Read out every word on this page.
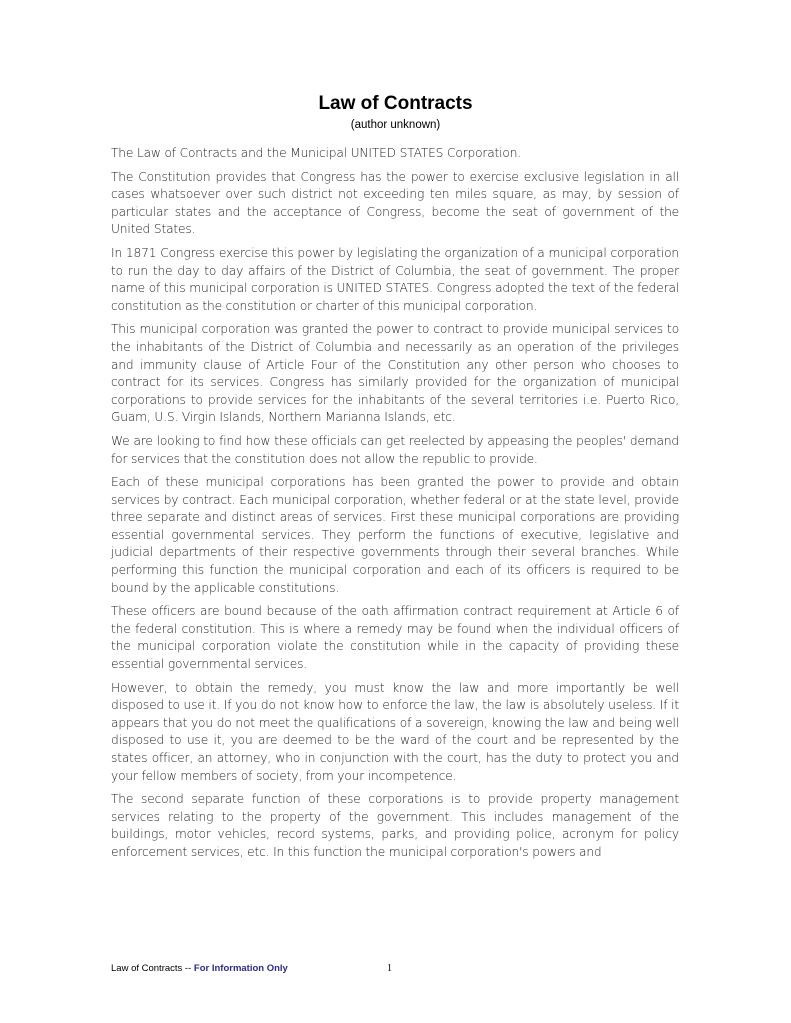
Law of Contracts
(author unknown)

The Law of Contracts and the Municipal UNITED STATES Corporation.

The Constitution provides that Congress has the power to exercise exclusive legislation in all cases whatsoever over such district not exceeding ten miles square, as may, by session of particular states and the acceptance of Congress, become the seat of government of the United States.

In 1871 Congress exercise this power by legislating the organization of a municipal corporation to run the day to day affairs of the District of Columbia, the seat of government. The proper name of this municipal corporation is UNITED STATES. Congress adopted the text of the federal constitution as the constitution or charter of this municipal corporation.

This municipal corporation was granted the power to contract to provide municipal services to the inhabitants of the District of Columbia and necessarily as an operation of the privileges and immunity clause of Article Four of the Constitution any other person who chooses to contract for its services. Congress has similarly provided for the organization of municipal corporations to provide services for the inhabitants of the several territories i.e. Puerto Rico, Guam, U.S. Virgin Islands, Northern Marianna Islands, etc.

We are looking to find how these officials can get reelected by appeasing the peoples' demand for services that the constitution does not allow the republic to provide.

Each of these municipal corporations has been granted the power to provide and obtain services by contract. Each municipal corporation, whether federal or at the state level, provide three separate and distinct areas of services. First these municipal corporations are providing essential governmental services. They perform the functions of executive, legislative and judicial departments of their respective governments through their several branches. While performing this function the municipal corporation and each of its officers is required to be bound by the applicable constitutions.

These officers are bound because of the oath affirmation contract requirement at Article 6 of the federal constitution. This is where a remedy may be found when the individual officers of the municipal corporation violate the constitution while in the capacity of providing these essential governmental services.

However, to obtain the remedy, you must know the law and more importantly be well disposed to use it. If you do not know how to enforce the law, the law is absolutely useless. If it appears that you do not meet the qualifications of a sovereign, knowing the law and being well disposed to use it, you are deemed to be the ward of the court and be represented by the states officer, an attorney, who in conjunction with the court, has the duty to protect you and your fellow members of society, from your incompetence.

The second separate function of these corporations is to provide property management services relating to the property of the government. This includes management of the buildings, motor vehicles, record systems, parks, and providing police, acronym for policy enforcement services, etc. In this function the municipal corporation's powers and

Law of Contracts -- For Information Only	1
